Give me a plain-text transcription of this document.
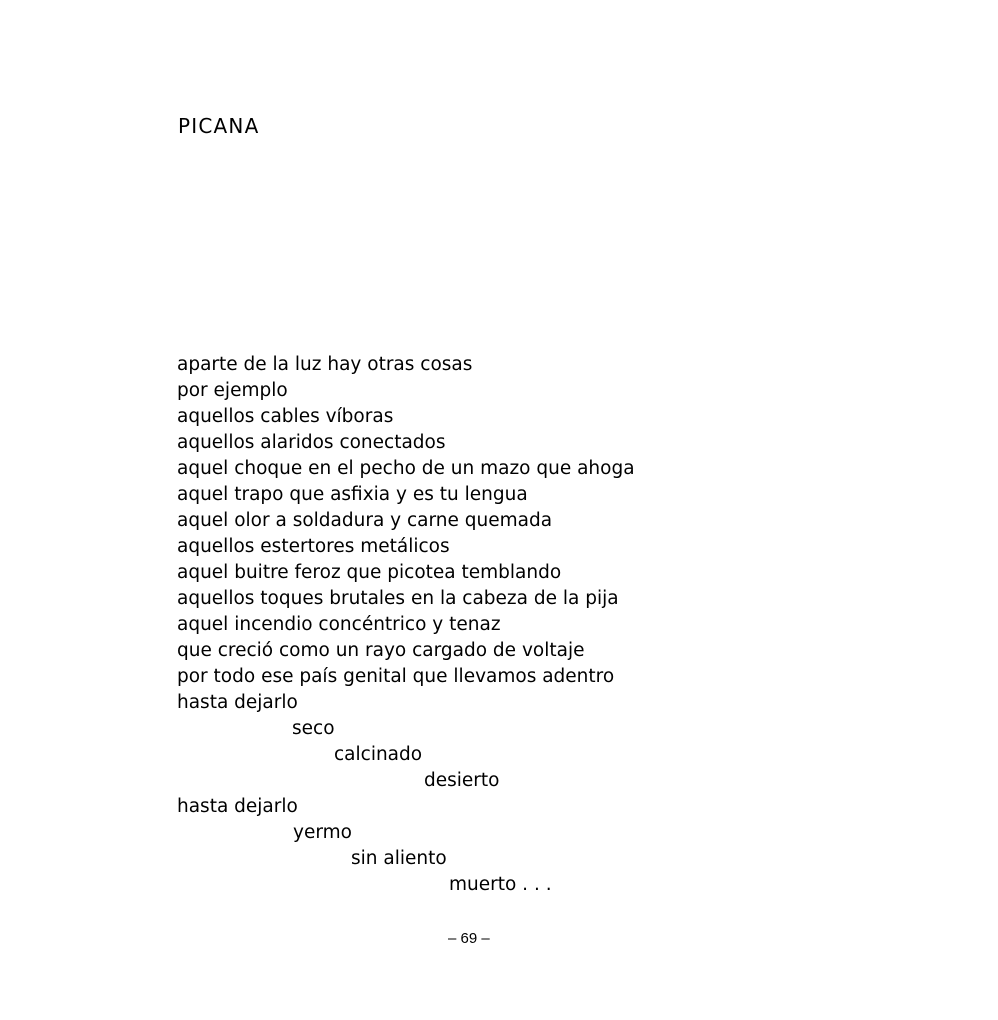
PICANA
aparte de la luz hay otras cosas
por ejemplo
aquellos cables víboras
aquellos alaridos conectados
aquel choque en el pecho de un mazo que ahoga
aquel trapo que asfixia y es tu lengua
aquel olor a soldadura y carne quemada
aquellos estertores metálicos
aquel buitre feroz que picotea temblando
aquellos toques brutales en la cabeza de la pija
aquel incendio concéntrico y tenaz
que creció como un rayo cargado de voltaje
por todo ese país genital que llevamos adentro
hasta dejarlo
seco
calcinado
desierto
hasta dejarlo
yermo
sin aliento
muerto . . .
– 69 –
